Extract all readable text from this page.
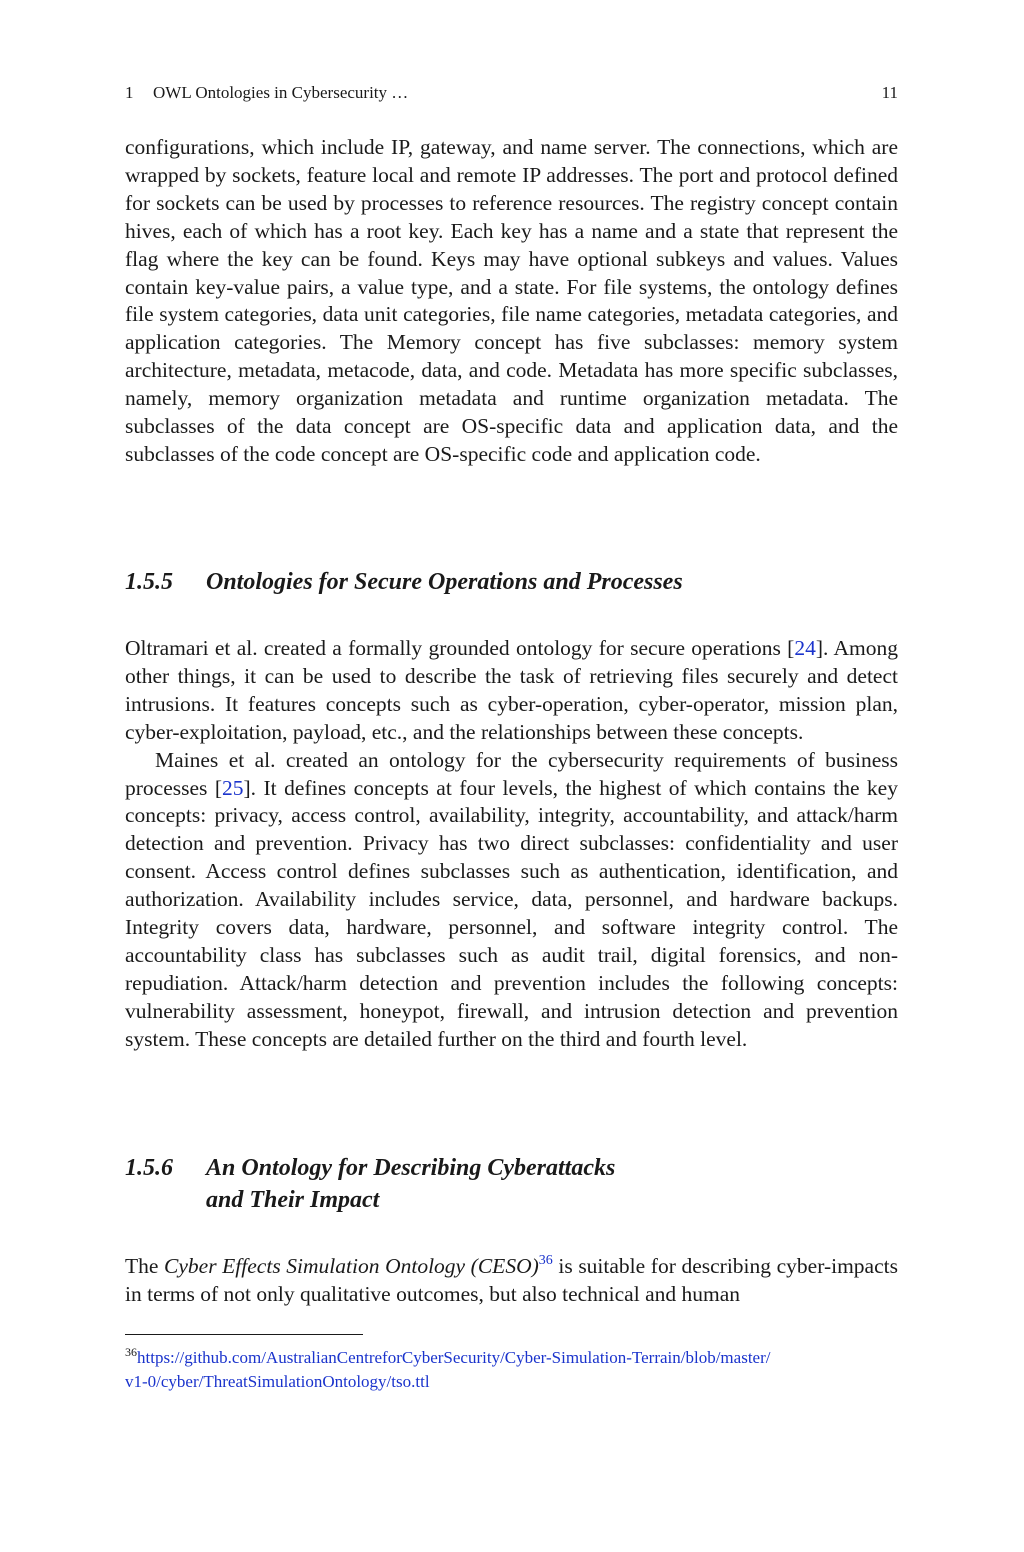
1 OWL Ontologies in Cybersecurity …	11

configurations, which include IP, gateway, and name server. The connections, which are wrapped by sockets, feature local and remote IP addresses. The port and protocol defined for sockets can be used by processes to reference resources. The registry concept contain hives, each of which has a root key. Each key has a name and a state that represent the flag where the key can be found. Keys may have optional subkeys and values. Values contain key-value pairs, a value type, and a state. For file systems, the ontology defines file system categories, data unit categories, file name categories, metadata categories, and application categories. The Memory concept has five subclasses: memory system architecture, metadata, metacode, data, and code. Metadata has more specific subclasses, namely, memory organization metadata and runtime organization metadata. The subclasses of the data concept are OS-specific data and application data, and the subclasses of the code concept are OS-specific code and application code.

1.5.5 Ontologies for Secure Operations and Processes

Oltramari et al. created a formally grounded ontology for secure operations [24]. Among other things, it can be used to describe the task of retrieving files securely and detect intrusions. It features concepts such as cyber-operation, cyber-operator, mission plan, cyber-exploitation, payload, etc., and the relationships between these concepts.

Maines et al. created an ontology for the cybersecurity requirements of business processes [25]. It defines concepts at four levels, the highest of which contains the key concepts: privacy, access control, availability, integrity, accountability, and attack/harm detection and prevention. Privacy has two direct subclasses: confidentiality and user consent. Access control defines subclasses such as authentication, identification, and authorization. Availability includes service, data, personnel, and hardware backups. Integrity covers data, hardware, personnel, and software integrity control. The accountability class has subclasses such as audit trail, digital forensics, and non-repudiation. Attack/harm detection and prevention includes the following concepts: vulnerability assessment, honeypot, firewall, and intrusion detection and prevention system. These concepts are detailed further on the third and fourth level.

1.5.6 An Ontology for Describing Cyberattacks
and Their Impact

The Cyber Effects Simulation Ontology (CESO)$^{36}$ is suitable for describing cyber-impacts in terms of not only qualitative outcomes, but also technical and human

$^{36}$https://github.com/AustralianCentreforCyberSecurity/Cyber-Simulation-Terrain/blob/master/
v1-0/cyber/ThreatSimulationOntology/tso.ttl
